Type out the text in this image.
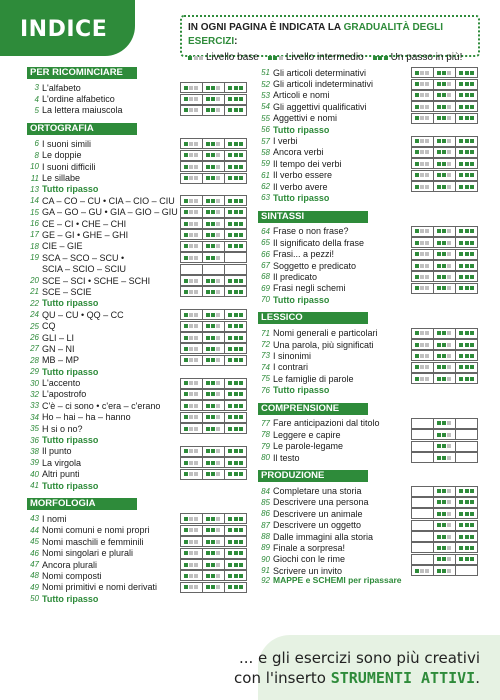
INDICE	IN OGNI PAGINA È INDICATA LA GRADUALITÀ DEGLI ESERCIZI:
Livello base	Livello intermedio	Un passo in più!
PER RICOMINCIARE
3 L'alfabeto
4 L'ordine alfabetico
5 La lettera maiuscola
ORTOGRAFIA
6 I suoni simili
8 Le doppie
10 I suoni difficili
11 Le sillabe
13 Tutto ripasso
14 CA – CO – CU • CIA – CIO – CIU
15 GA – GO – GU • GIA – GIO – GIU
16 CE – CI • CHE – CHI
17 GE – GI • GHE – GHI
18 CIE – GIE
19 SCA – SCO – SCU •
SCIA – SCIO – SCIU
20 SCE – SCI • SCHE – SCHI
21 SCE – SCIE
22 Tutto ripasso
24 QU – CU • QQ – CC
25 CQ
26 GLI – LI
27 GN – NI
28 MB – MP
29 Tutto ripasso
30 L'accento
32 L'apostrofo
33 C'è – ci sono • c'era – c'erano
34 Ho – hai – ha – hanno
35 H si o no?
36 Tutto ripasso
38 Il punto
39 La virgola
40 Altri punti
41 Tutto ripasso
MORFOLOGIA
43 I nomi
44 Nomi comuni e nomi propri
45 Nomi maschili e femminili
46 Nomi singolari e plurali
47 Ancora plurali
48 Nomi composti
49 Nomi primitivi e nomi derivati
50 Tutto ripasso
51 Gli articoli determinativi
52 Gli articoli indeterminativi
53 Articoli e nomi
54 Gli aggettivi qualificativi
55 Aggettivi e nomi
56 Tutto ripasso
57 I verbi
58 Ancora verbi
59 Il tempo dei verbi
61 Il verbo essere
62 Il verbo avere
63 Tutto ripasso
SINTASSI
64 Frase o non frase?
65 Il significato della frase
66 Frasi... a pezzi!
67 Soggetto e predicato
68 Il predicato
69 Frasi negli schemi
70 Tutto ripasso
LESSICO
71 Nomi generali e particolari
72 Una parola, più significati
73 I sinonimi
74 I contrari
75 Le famiglie di parole
76 Tutto ripasso
COMPRENSIONE
77 Fare anticipazioni dal titolo
78 Leggere e capire
79 Le parole-legame
80 Il testo
PRODUZIONE
84 Completare una storia
85 Descrivere una persona
86 Descrivere un animale
87 Descrivere un oggetto
88 Dalle immagini alla storia
89 Finale a sorpresa!
90 Giochi con le rime
91 Scrivere un invito
92 MAPPE e SCHEMI per ripassare
... e gli esercizi sono più creativi
con l'inserto STRUMENTI ATTIVI.
